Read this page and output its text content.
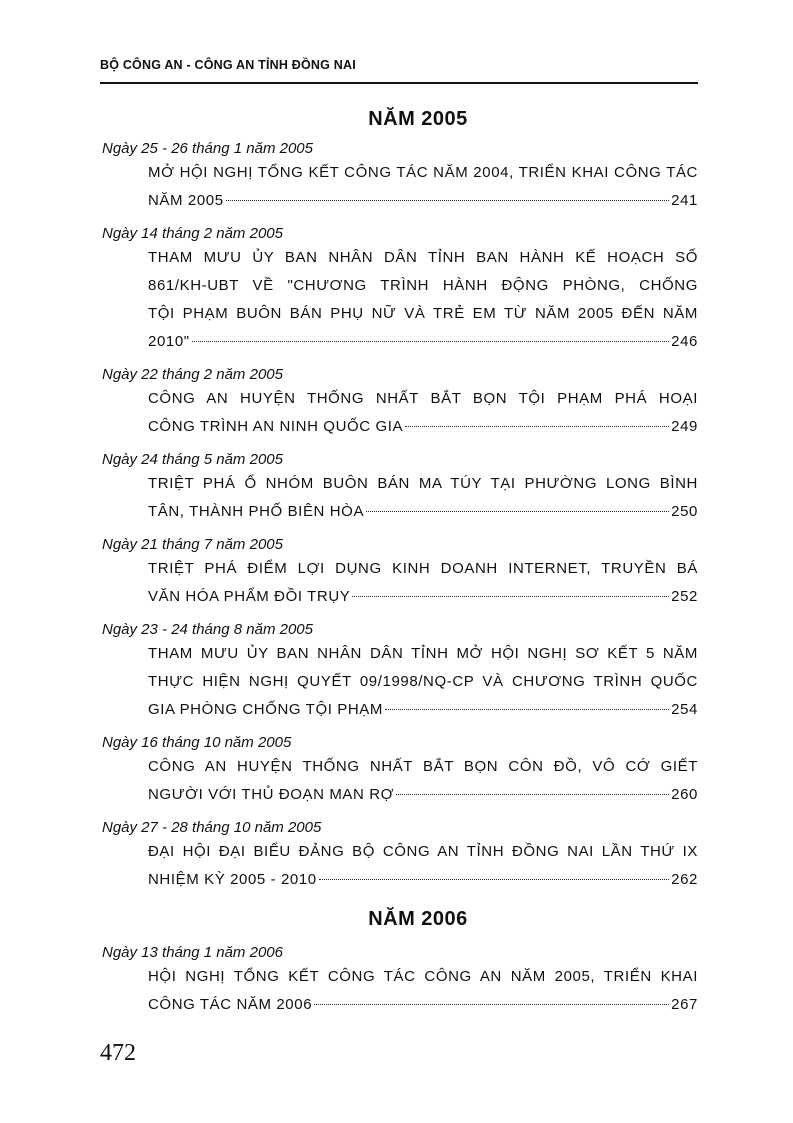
BỘ CÔNG AN - CÔNG AN TỈNH ĐỒNG NAI
NĂM 2005
Ngày 25 - 26 tháng 1 năm 2005
MỞ HỘI NGHỊ TỔNG KẾT CÔNG TÁC NĂM 2004, TRIỂN KHAI CÔNG TÁC
NĂM 2005	241
Ngày 14 tháng 2 năm 2005
THAM MƯU ỦY BAN NHÂN DÂN TỈNH BAN HÀNH KẾ HOẠCH SỐ
861/KH-UBT VỀ "CHƯƠNG TRÌNH HÀNH ĐỘNG PHÒNG, CHỐNG
TỘI PHẠM BUÔN BÁN PHỤ NỮ VÀ TRẺ EM TỪ NĂM 2005 ĐẾN NĂM
2010"	246
Ngày 22 tháng 2 năm 2005
CÔNG AN HUYỆN THỐNG NHẤT BẮT BỌN TỘI PHẠM PHÁ HOẠI
CÔNG TRÌNH AN NINH QUỐC GIA	249
Ngày 24 tháng 5 năm 2005
TRIỆT PHÁ Ổ NHÓM BUÔN BÁN MA TÚY TẠI PHƯỜNG LONG BÌNH
TÂN, THÀNH PHỐ BIÊN HÒA	250
Ngày 21 tháng 7 năm 2005
TRIỆT PHÁ ĐIỂM LỢI DỤNG KINH DOANH INTERNET, TRUYỀN BÁ
VĂN HÓA PHẨM ĐỒI TRỤY	252
Ngày 23 - 24 tháng 8 năm 2005
THAM MƯU ỦY BAN NHÂN DÂN TỈNH MỞ HỘI NGHỊ SƠ KẾT 5 NĂM
THỰC HIỆN NGHỊ QUYẾT 09/1998/NQ-CP VÀ CHƯƠNG TRÌNH QUỐC
GIA PHÒNG CHỐNG TỘI PHẠM	254
Ngày 16 tháng 10 năm 2005
CÔNG AN HUYỆN THỐNG NHẤT BẮT BỌN CÔN ĐỒ, VÔ CỚ GIẾT
NGƯỜI VỚI THỦ ĐOẠN MAN RỢ	260
Ngày 27 - 28 tháng 10 năm 2005
ĐẠI HỘI ĐẠI BIỂU ĐẢNG BỘ CÔNG AN TỈNH ĐỒNG NAI LẦN THỨ IX
NHIỆM KỲ 2005 - 2010	262
NĂM 2006
Ngày 13 tháng 1 năm 2006
HỘI NGHỊ TỔNG KẾT CÔNG TÁC CÔNG AN NĂM 2005, TRIỂN KHAI
CÔNG TÁC NĂM 2006	267
472
